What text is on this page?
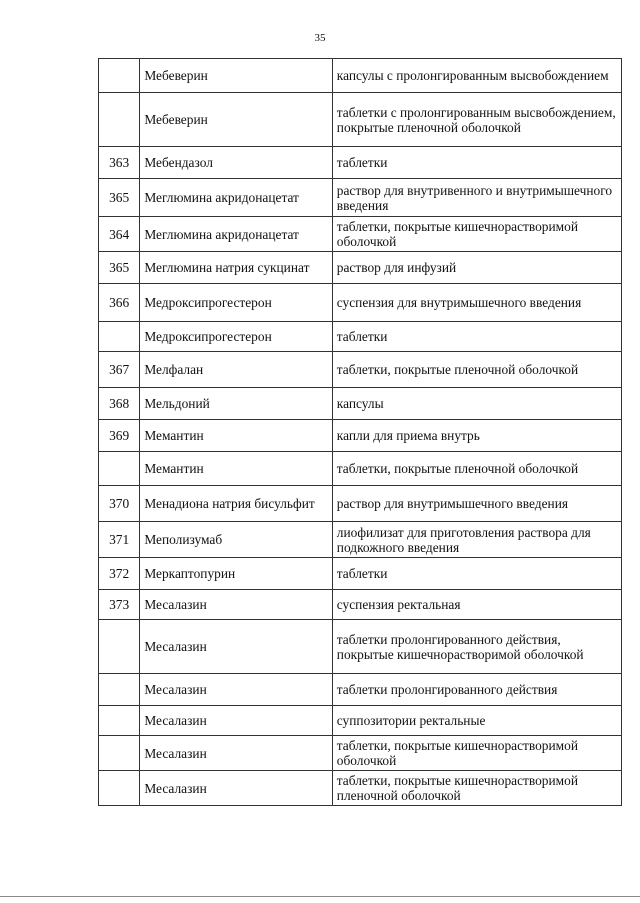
35
	Мебеверин	капсулы с пролонгированным высвобождением
	Мебеверин	таблетки с пролонгированным высвобождением, покрытые пленочной оболочкой
363	Мебендазол	таблетки
365	Меглюмина акридонацетат	раствор для внутривенного и внутримышечного введения
364	Меглюмина акридонацетат	таблетки, покрытые кишечнорастворимой оболочкой
365	Меглюмина натрия сукцинат	раствор для инфузий
366	Медроксипрогестерон	суспензия для внутримышечного введения
	Медроксипрогестерон	таблетки
367	Мелфалан	таблетки, покрытые пленочной оболочкой
368	Мельдоний	капсулы
369	Мемантин	капли для приема внутрь
	Мемантин	таблетки, покрытые пленочной оболочкой
370	Менадиона натрия бисульфит	раствор для внутримышечного введения
371	Меполизумаб	лиофилизат для приготовления раствора для подкожного введения
372	Меркаптопурин	таблетки
373	Месалазин	суспензия ректальная
	Месалазин	таблетки пролонгированного действия, покрытые кишечнорастворимой оболочкой
	Месалазин	таблетки пролонгированного действия
	Месалазин	суппозитории ректальные
	Месалазин	таблетки, покрытые кишечнорастворимой оболочкой
	Месалазин	таблетки, покрытые кишечнорастворимой пленочной оболочкой
